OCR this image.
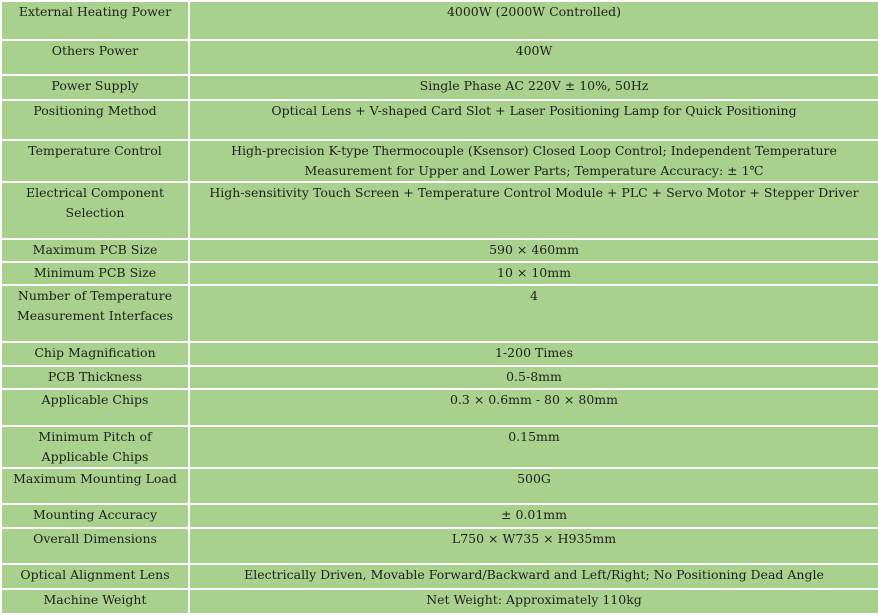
External Heating Power	4000W (2000W Controlled)
Others Power	400W
Power Supply	Single Phase AC 220V ± 10%, 50Hz
Positioning Method	Optical Lens + V-shaped Card Slot + Laser Positioning Lamp for Quick Positioning
Temperature Control	High-precision K-type Thermocouple (Ksensor) Closed Loop Control; Independent Temperature Measurement for Upper and Lower Parts; Temperature Accuracy: ± 1℃
Electrical Component Selection	High-sensitivity Touch Screen + Temperature Control Module + PLC + Servo Motor + Stepper Driver
Maximum PCB Size	590 × 460mm
Minimum PCB Size	10 × 10mm
Number of Temperature Measurement Interfaces	4
Chip Magnification	1-200 Times
PCB Thickness	0.5-8mm
Applicable Chips	0.3 × 0.6mm - 80 × 80mm
Minimum Pitch of Applicable Chips	0.15mm
Maximum Mounting Load	500G
Mounting Accuracy	± 0.01mm
Overall Dimensions	L750 × W735 × H935mm
Optical Alignment Lens	Electrically Driven, Movable Forward/Backward and Left/Right; No Positioning Dead Angle
Machine Weight	Net Weight: Approximately 110kg
